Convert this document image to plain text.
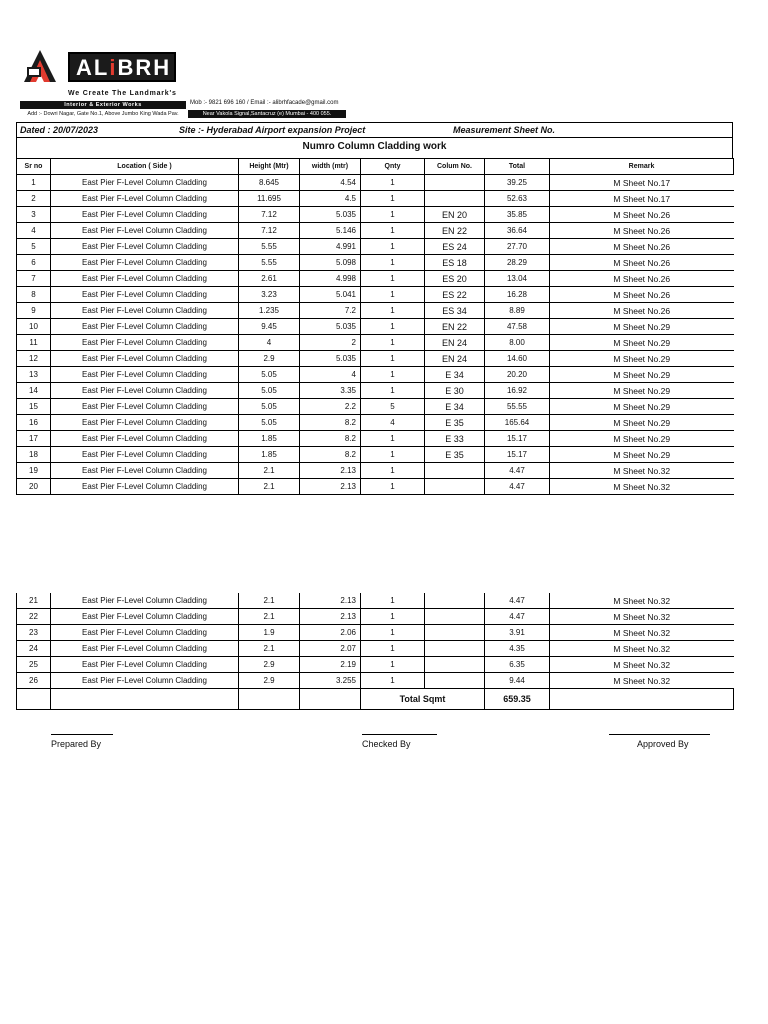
ALiBRH
We Create The Landmark's
Interior & Exterior Works	Mob :- 9821 696 160 / Email :- alibrhfacade@gmail.com
Add :- Dowri Nagar, Gate No.1, Above Jumbo King Wada Pav.	Near Vakola Signal,Santacruz (e) Mumbai - 400 055.
Dated : 20/07/2023	Site :- Hyderabad Airport expansion Project	Measurement Sheet No.
Numro Column Cladding work
Sr no	Location ( Side )	Height (Mtr)	width (mtr)	Qnty	Colum No.	Total	Remark
1	East Pier F-Level Column Cladding	8.645	4.54	1		39.25	M Sheet No.17
2	East Pier F-Level Column Cladding	11.695	4.5	1		52.63	M Sheet No.17
3	East Pier F-Level Column Cladding	7.12	5.035	1	EN 20	35.85	M Sheet No.26
4	East Pier F-Level Column Cladding	7.12	5.146	1	EN 22	36.64	M Sheet No.26
5	East Pier F-Level Column Cladding	5.55	4.991	1	ES 24	27.70	M Sheet No.26
6	East Pier F-Level Column Cladding	5.55	5.098	1	ES 18	28.29	M Sheet No.26
7	East Pier F-Level Column Cladding	2.61	4.998	1	ES 20	13.04	M Sheet No.26
8	East Pier F-Level Column Cladding	3.23	5.041	1	ES 22	16.28	M Sheet No.26
9	East Pier F-Level Column Cladding	1.235	7.2	1	ES 34	8.89	M Sheet No.26
10	East Pier F-Level Column Cladding	9.45	5.035	1	EN 22	47.58	M Sheet No.29
11	East Pier F-Level Column Cladding	4	2	1	EN 24	8.00	M Sheet No.29
12	East Pier F-Level Column Cladding	2.9	5.035	1	EN 24	14.60	M Sheet No.29
13	East Pier F-Level Column Cladding	5.05	4	1	E 34	20.20	M Sheet No.29
14	East Pier F-Level Column Cladding	5.05	3.35	1	E 30	16.92	M Sheet No.29
15	East Pier F-Level Column Cladding	5.05	2.2	5	E 34	55.55	M Sheet No.29
16	East Pier F-Level Column Cladding	5.05	8.2	4	E 35	165.64	M Sheet No.29
17	East Pier F-Level Column Cladding	1.85	8.2	1	E 33	15.17	M Sheet No.29
18	East Pier F-Level Column Cladding	1.85	8.2	1	E 35	15.17	M Sheet No.29
19	East Pier F-Level Column Cladding	2.1	2.13	1		4.47	M Sheet No.32
20	East Pier F-Level Column Cladding	2.1	2.13	1		4.47	M Sheet No.32
21	East Pier F-Level Column Cladding	2.1	2.13	1		4.47	M Sheet No.32
22	East Pier F-Level Column Cladding	2.1	2.13	1		4.47	M Sheet No.32
23	East Pier F-Level Column Cladding	1.9	2.06	1		3.91	M Sheet No.32
24	East Pier F-Level Column Cladding	2.1	2.07	1		4.35	M Sheet No.32
25	East Pier F-Level Column Cladding	2.9	2.19	1		6.35	M Sheet No.32
26	East Pier F-Level Column Cladding	2.9	3.255	1		9.44	M Sheet No.32
				Total Sqmt		659.35	
Prepared By	Checked By	Approved By
